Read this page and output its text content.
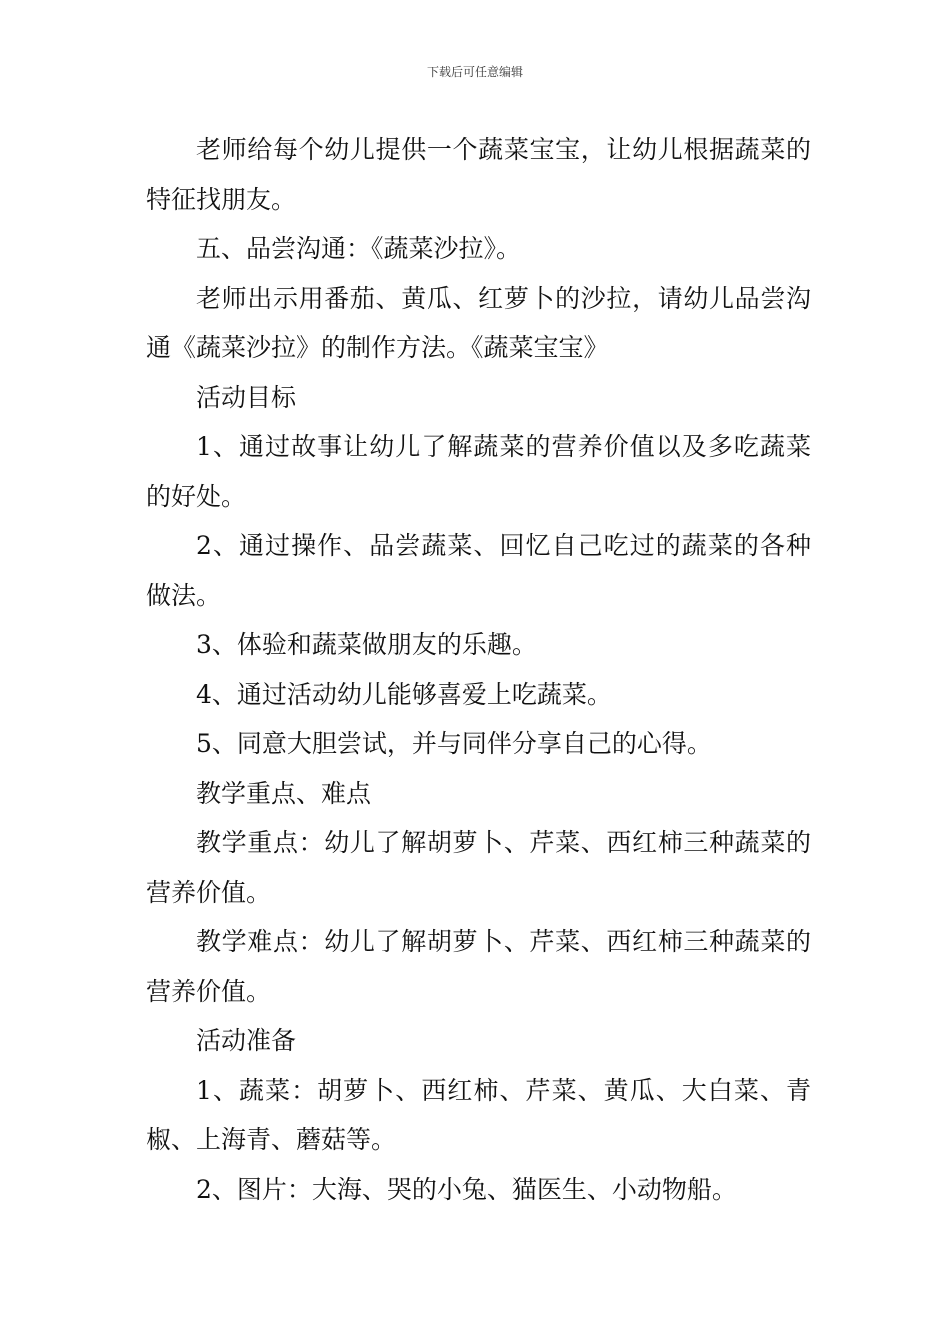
下载后可任意编辑

老师给每个幼儿提供一个蔬菜宝宝，让幼儿根据蔬菜的特征找朋友。

五、品尝沟通：《蔬菜沙拉》。

老师出示用番茄、黄瓜、红萝卜的沙拉，请幼儿品尝沟通《蔬菜沙拉》的制作方法。《蔬菜宝宝》

活动目标

1、通过故事让幼儿了解蔬菜的营养价值以及多吃蔬菜的好处。

2、通过操作、品尝蔬菜、回忆自己吃过的蔬菜的各种做法。

3、体验和蔬菜做朋友的乐趣。

4、通过活动幼儿能够喜爱上吃蔬菜。

5、同意大胆尝试，并与同伴分享自己的心得。

教学重点、难点

教学重点：幼儿了解胡萝卜、芹菜、西红柿三种蔬菜的营养价值。

教学难点：幼儿了解胡萝卜、芹菜、西红柿三种蔬菜的营养价值。

活动准备

1、蔬菜：胡萝卜、西红柿、芹菜、黄瓜、大白菜、青椒、上海青、蘑菇等。

2、图片：大海、哭的小兔、猫医生、小动物船。
